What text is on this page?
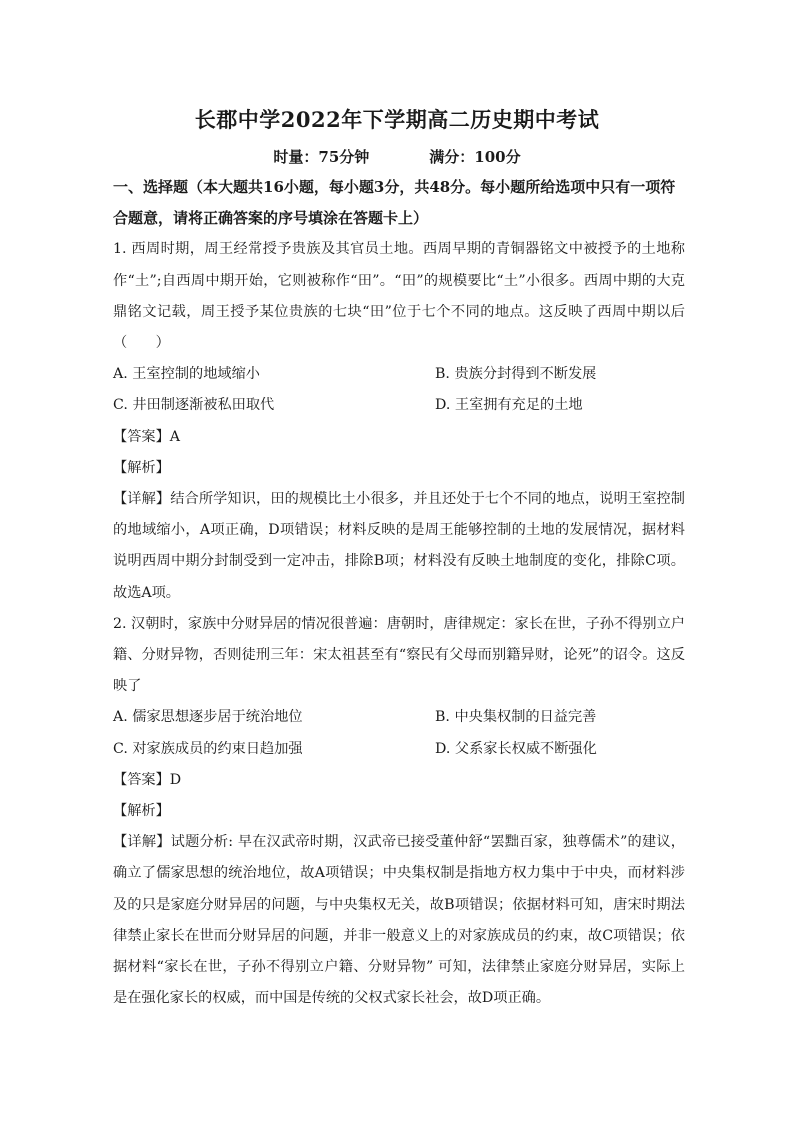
长郡中学2022年下学期高二历史期中考试
时量：75分钟	满分：100分

一、选择题（本大题共16小题，每小题3分，共48分。每小题所给选项中只有一项符合题意，请将正确答案的序号填涂在答题卡上）

1. 西周时期，周王经常授予贵族及其官员土地。西周早期的青铜器铭文中被授予的土地称作“土”;自西周中期开始，它则被称作“田”。“田”的规模要比“土”小很多。西周中期的大克鼎铭文记载，周王授予某位贵族的七块“田”位于七个不同的地点。这反映了西周中期以后（　　）

A. 王室控制的地域缩小	B. 贵族分封得到不断发展
C. 井田制逐渐被私田取代	D. 王室拥有充足的土地

【答案】A

【解析】

【详解】结合所学知识，田的规模比土小很多，并且还处于七个不同的地点，说明王室控制的地域缩小，A项正确，D项错误；材料反映的是周王能够控制的土地的发展情况，据材料说明西周中期分封制受到一定冲击，排除B项；材料没有反映土地制度的变化，排除C项。故选A项。

2. 汉朝时，家族中分财异居的情况很普遍：唐朝时，唐律规定：家长在世，子孙不得别立户籍、分财异物，否则徒刑三年：宋太祖甚至有“察民有父母而别籍异财，论死”的诏令。这反映了

A. 儒家思想逐步居于统治地位	B. 中央集权制的日益完善
C. 对家族成员的约束日趋加强	D. 父系家长权威不断强化

【答案】D

【解析】

【详解】试题分析: 早在汉武帝时期，汉武帝已接受董仲舒“罢黜百家，独尊儒术”的建议，确立了儒家思想的统治地位，故A项错误；中央集权制是指地方权力集中于中央，而材料涉及的只是家庭分财异居的问题，与中央集权无关，故B项错误；依据材料可知，唐宋时期法律禁止家长在世而分财异居的问题，并非一般意义上的对家族成员的约束，故C项错误；依据材料“家长在世，子孙不得别立户籍、分财异物” 可知，法律禁止家庭分财异居，实际上是在强化家长的权威，而中国是传统的父权式家长社会，故D项正确。
